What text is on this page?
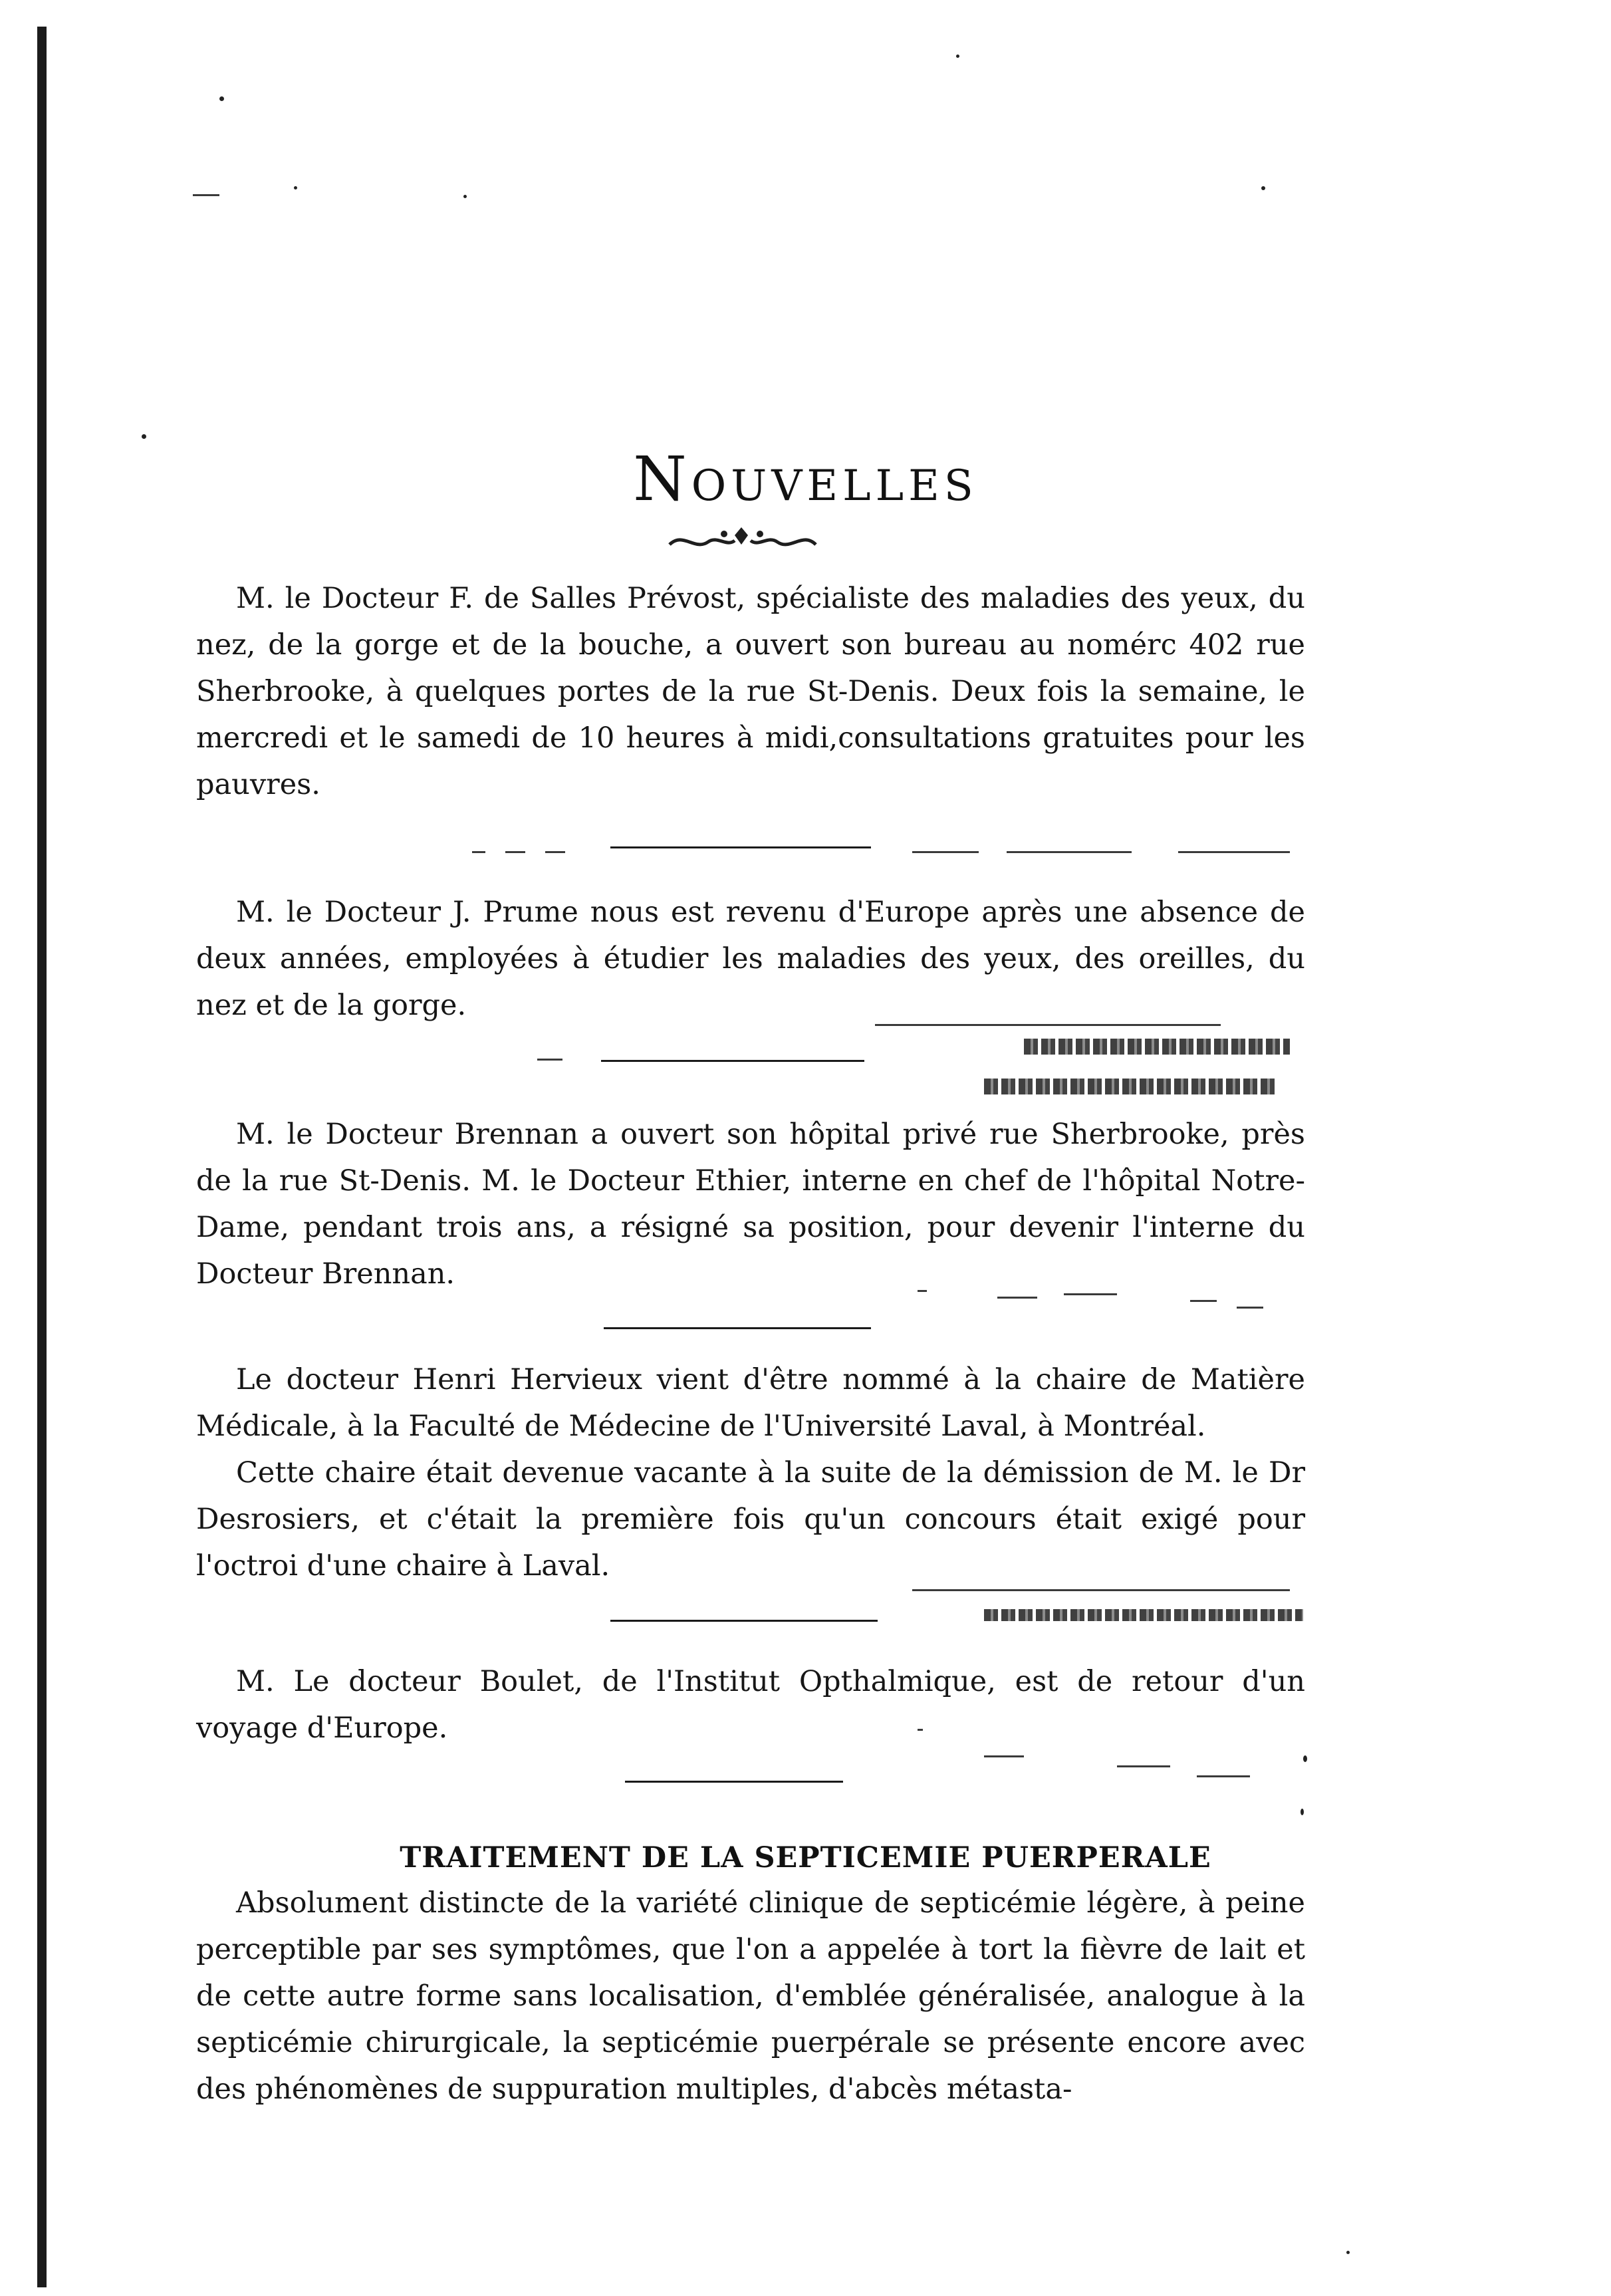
Nouvelles

M. le Docteur F. de Salles Prévost, spécialiste des maladies des yeux, du nez, de la gorge et de la bouche, a ouvert son bureau au nomérc 402 rue Sherbrooke, à quelques portes de la rue St-Denis. Deux fois la semaine, le mercredi et le samedi de 10 heures à midi,consultations gratuites pour les pauvres.

M. le Docteur J. Prume nous est revenu d'Europe après une absence de deux années, employées à étudier les maladies des yeux, des oreilles, du nez et de la gorge.

M. le Docteur Brennan a ouvert son hôpital privé rue Sherbrooke, près de la rue St-Denis. M. le Docteur Ethier, interne en chef de l'hôpital Notre-Dame, pendant trois ans, a résigné sa position, pour devenir l'interne du Docteur Brennan.

Le docteur Henri Hervieux vient d'être nommé à la chaire de Matière Médicale, à la Faculté de Médecine de l'Université Laval, à Montréal.

Cette chaire était devenue vacante à la suite de la démission de M. le Dr Desrosiers, et c'était la première fois qu'un concours était exigé pour l'octroi d'une chaire à Laval.

M. Le docteur Boulet, de l'Institut Opthalmique, est de retour d'un voyage d'Europe.

TRAITEMENT DE LA SEPTICEMIE PUERPERALE

Absolument distincte de la variété clinique de septicémie légère, à peine perceptible par ses symptômes, que l'on a appelée à tort la fièvre de lait et de cette autre forme sans localisation, d'emblée généralisée, analogue à la septicémie chirurgicale, la septicémie puerpérale se présente encore avec des phénomènes de suppuration multiples, d'abcès métasta-
